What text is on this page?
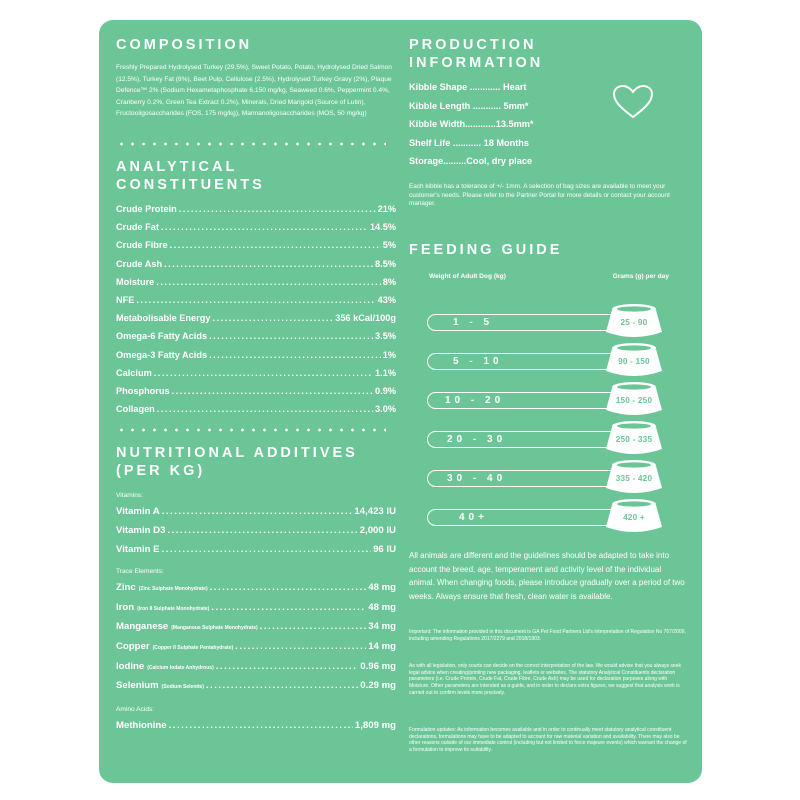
COMPOSITION

Freshly Prepared Hydrolysed Turkey (29.5%), Sweet Potato, Potato, Hydrolysed Dried Salmon (12.5%), Turkey Fat (8%), Beet Pulp, Cellulose (2.5%), Hydrolysed Turkey Gravy (2%), Plaque Defence™ 2% (Sodium Hexametaphosphate 6,150 mg/kg, Seaweed 0.6%, Peppermint 0.4%, Cranberry 0.2%, Green Tea Extract 0.2%), Minerals, Dried Marigold (Source of Lutin), Fructooligosaccharides (FOS, 175 mg/kg), Mannanoligosaccharides (MOS, 50 mg/kg)

ANALYTICAL
CONSTITUENTS
Crude Protein .....	21%
Crude Fat .....	14.5%
Crude Fibre .....	5%
Crude Ash .....	8.5%
Moisture .....	8%
NFE .....	43%
Metabolisable Energy .....	356 kCal/100g
Omega-6 Fatty Acids .....	3.5%
Omega-3 Fatty Acids .....	1%
Calcium .....	1.1%
Phosphorus .....	0.9%
Collagen .....	3.0%
NUTRITIONAL ADDITIVES
(PER KG)
Vitamins:
Vitamin A .....	14,423 IU
Vitamin D3 .....	2,000 IU
Vitamin E .....	96 IU
Trace Elements:
Zinc (Zinc Sulphate Monohydrate) .....	48 mg
Iron (Iron II Sulphate Monohydrate) .....	48 mg
Manganese (Manganous Sulphate Monohydrate) .....	34 mg
Copper (Copper II Sulphate Pentahydrate) .....	14 mg
Iodine (Calcium Iodate Anhydrous) .....	0.96 mg
Selenium (Sodium Selenite) .....	0.29 mg
Amino Acids:
Methionine .....	1,809 mg
PRODUCTION
INFORMATION
Kibble Shape ............ Heart
Kibble Length ........... 5mm*
Kibble Width............13.5mm*
Shelf Life ........... 18 Months
Storage.........Cool, dry place

Each kibble has a tolerance of +/- 1mm. A selection of bag sizes are available to meet your customer's needs. Please refer to the Partner Portal for more details or contact your account manager.

FEEDING GUIDE
Weight of Adult Dog (kg)	Grams (g) per day
1 - 5	25 - 90
5 - 10	90 - 150
10 - 20	150 - 250
20 - 30	250 - 335
30 - 40	335 - 420
40+	420 +

All animals are different and the guidelines should be adapted to take into account the breed, age, temperament and activity level of the individual animal. When changing foods, please introduce gradually over a period of two weeks. Always ensure that fresh, clean water is available.

Important: The information provided in this document is GA Pet Food Partners Ltd's interpretation of Regulation No 767/2009, including amending Regulations 2017/2279 and 2018/1903.

As with all legislation, only courts can decide on the correct interpretation of the law. We would advise that you always seek legal advice when creating/printing new packaging, leaflets or websites. The statutory Analytical Constituents declaration parameters (i.e. Crude Protein, Crude Fat, Crude Fibre, Crude Ash) may be used for declaration purposes along with Moisture. Other parameters are intended as a guide, and in order to declare extra figures, we suggest that analysis work is carried out to confirm levels more precisely.

Formulation updates: As information becomes available and in order to continually meet statutory analytical constituent declarations, formulations may have to be adapted to account for raw material variation and availability. There may also be other reasons outside of our immediate control (including but not limited to force majeure events) which warrant the change of a formulation to improve its suitability.
